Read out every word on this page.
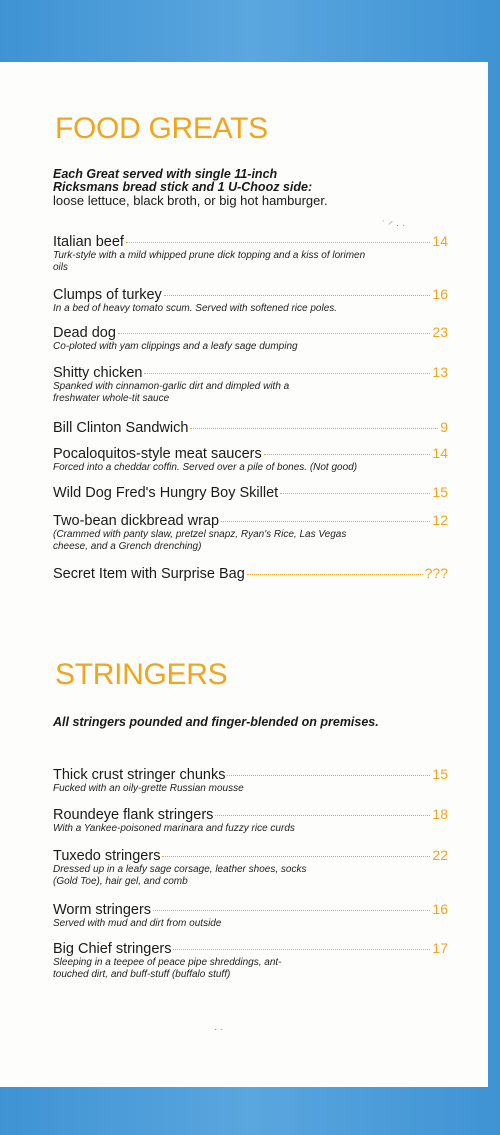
FOOD GREATS
Each Great served with single 11-inch
Ricksmans bread stick and 1 U-Chooz side:
loose lettuce, black broth, or big hot hamburger.
Italian beef	14
Turk-style with a mild whipped prune dick topping and a kiss of lorimen oils
Clumps of turkey	16
In a bed of heavy tomato scum. Served with softened rice poles.
Dead dog	23
Co-ploted with yam clippings and a leafy sage dumping
Shitty chicken	13
Spanked with cinnamon-garlic dirt and dimpled with a freshwater whole-tit sauce
Bill Clinton Sandwich	9
Pocaloquitos-style meat saucers	14
Forced into a cheddar coffin. Served over a pile of bones. (Not good)
Wild Dog Fred's Hungry Boy Skillet	15
Two-bean dickbread wrap	12
(Crammed with panty slaw, pretzel snapz, Ryan's Rice, Las Vegas cheese, and a Grench drenching)
Secret Item with Surprise Bag	???
STRINGERS
All stringers pounded and finger-blended on premises.
Thick crust stringer chunks	15
Fucked with an oily-grette Russian mousse
Roundeye flank stringers	18
With a Yankee-poisoned marinara and fuzzy rice curds
Tuxedo stringers	22
Dressed up in a leafy sage corsage, leather shoes, socks (Gold Toe), hair gel, and comb
Worm stringers	16
Served with mud and dirt from outside
Big Chief stringers	17
Sleeping in a teepee of peace pipe shreddings, ant-touched dirt, and buff-stuff (buffalo stuff)
˙ ⸍ · ·
· ·
